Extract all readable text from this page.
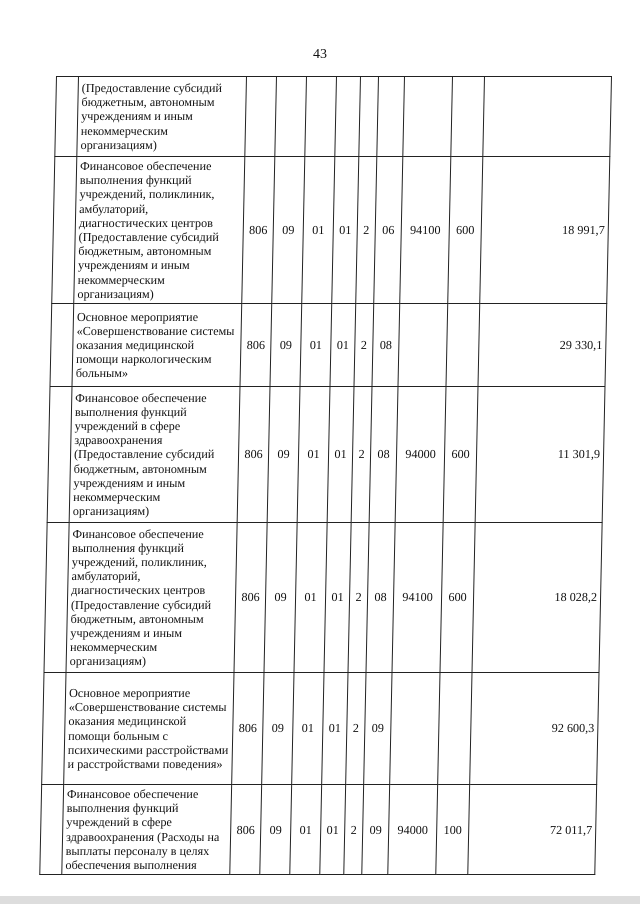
43
	(Предоставление субсидий бюджетным, автономным учреждениям и иным некоммерческим организациям)									
	Финансовое обеспечение выполнения функций учреждений, поликлиник, амбулаторий, диагностических центров (Предоставление субсидий бюджетным, автономным учреждениям и иным некоммерческим организациям)	806	09	01	01	2	06	94100	600	18 991,7
	Основное мероприятие «Совершенствование системы оказания медицинской помощи наркологическим больным»	806	09	01	01	2	08			29 330,1
	Финансовое обеспечение выполнения функций учреждений в сфере здравоохранения (Предоставление субсидий бюджетным, автономным учреждениям и иным некоммерческим организациям)	806	09	01	01	2	08	94000	600	11 301,9
	Финансовое обеспечение выполнения функций учреждений, поликлиник, амбулаторий, диагностических центров (Предоставление субсидий бюджетным, автономным учреждениям и иным некоммерческим организациям)	806	09	01	01	2	08	94100	600	18 028,2
	Основное мероприятие «Совершенствование системы оказания медицинской помощи больным с психическими расстройствами и расстройствами поведения»	806	09	01	01	2	09			92 600,3
	Финансовое обеспечение выполнения функций учреждений в сфере здравоохранения (Расходы на выплаты персоналу в целях обеспечения выполнения	806	09	01	01	2	09	94000	100	72 011,7
